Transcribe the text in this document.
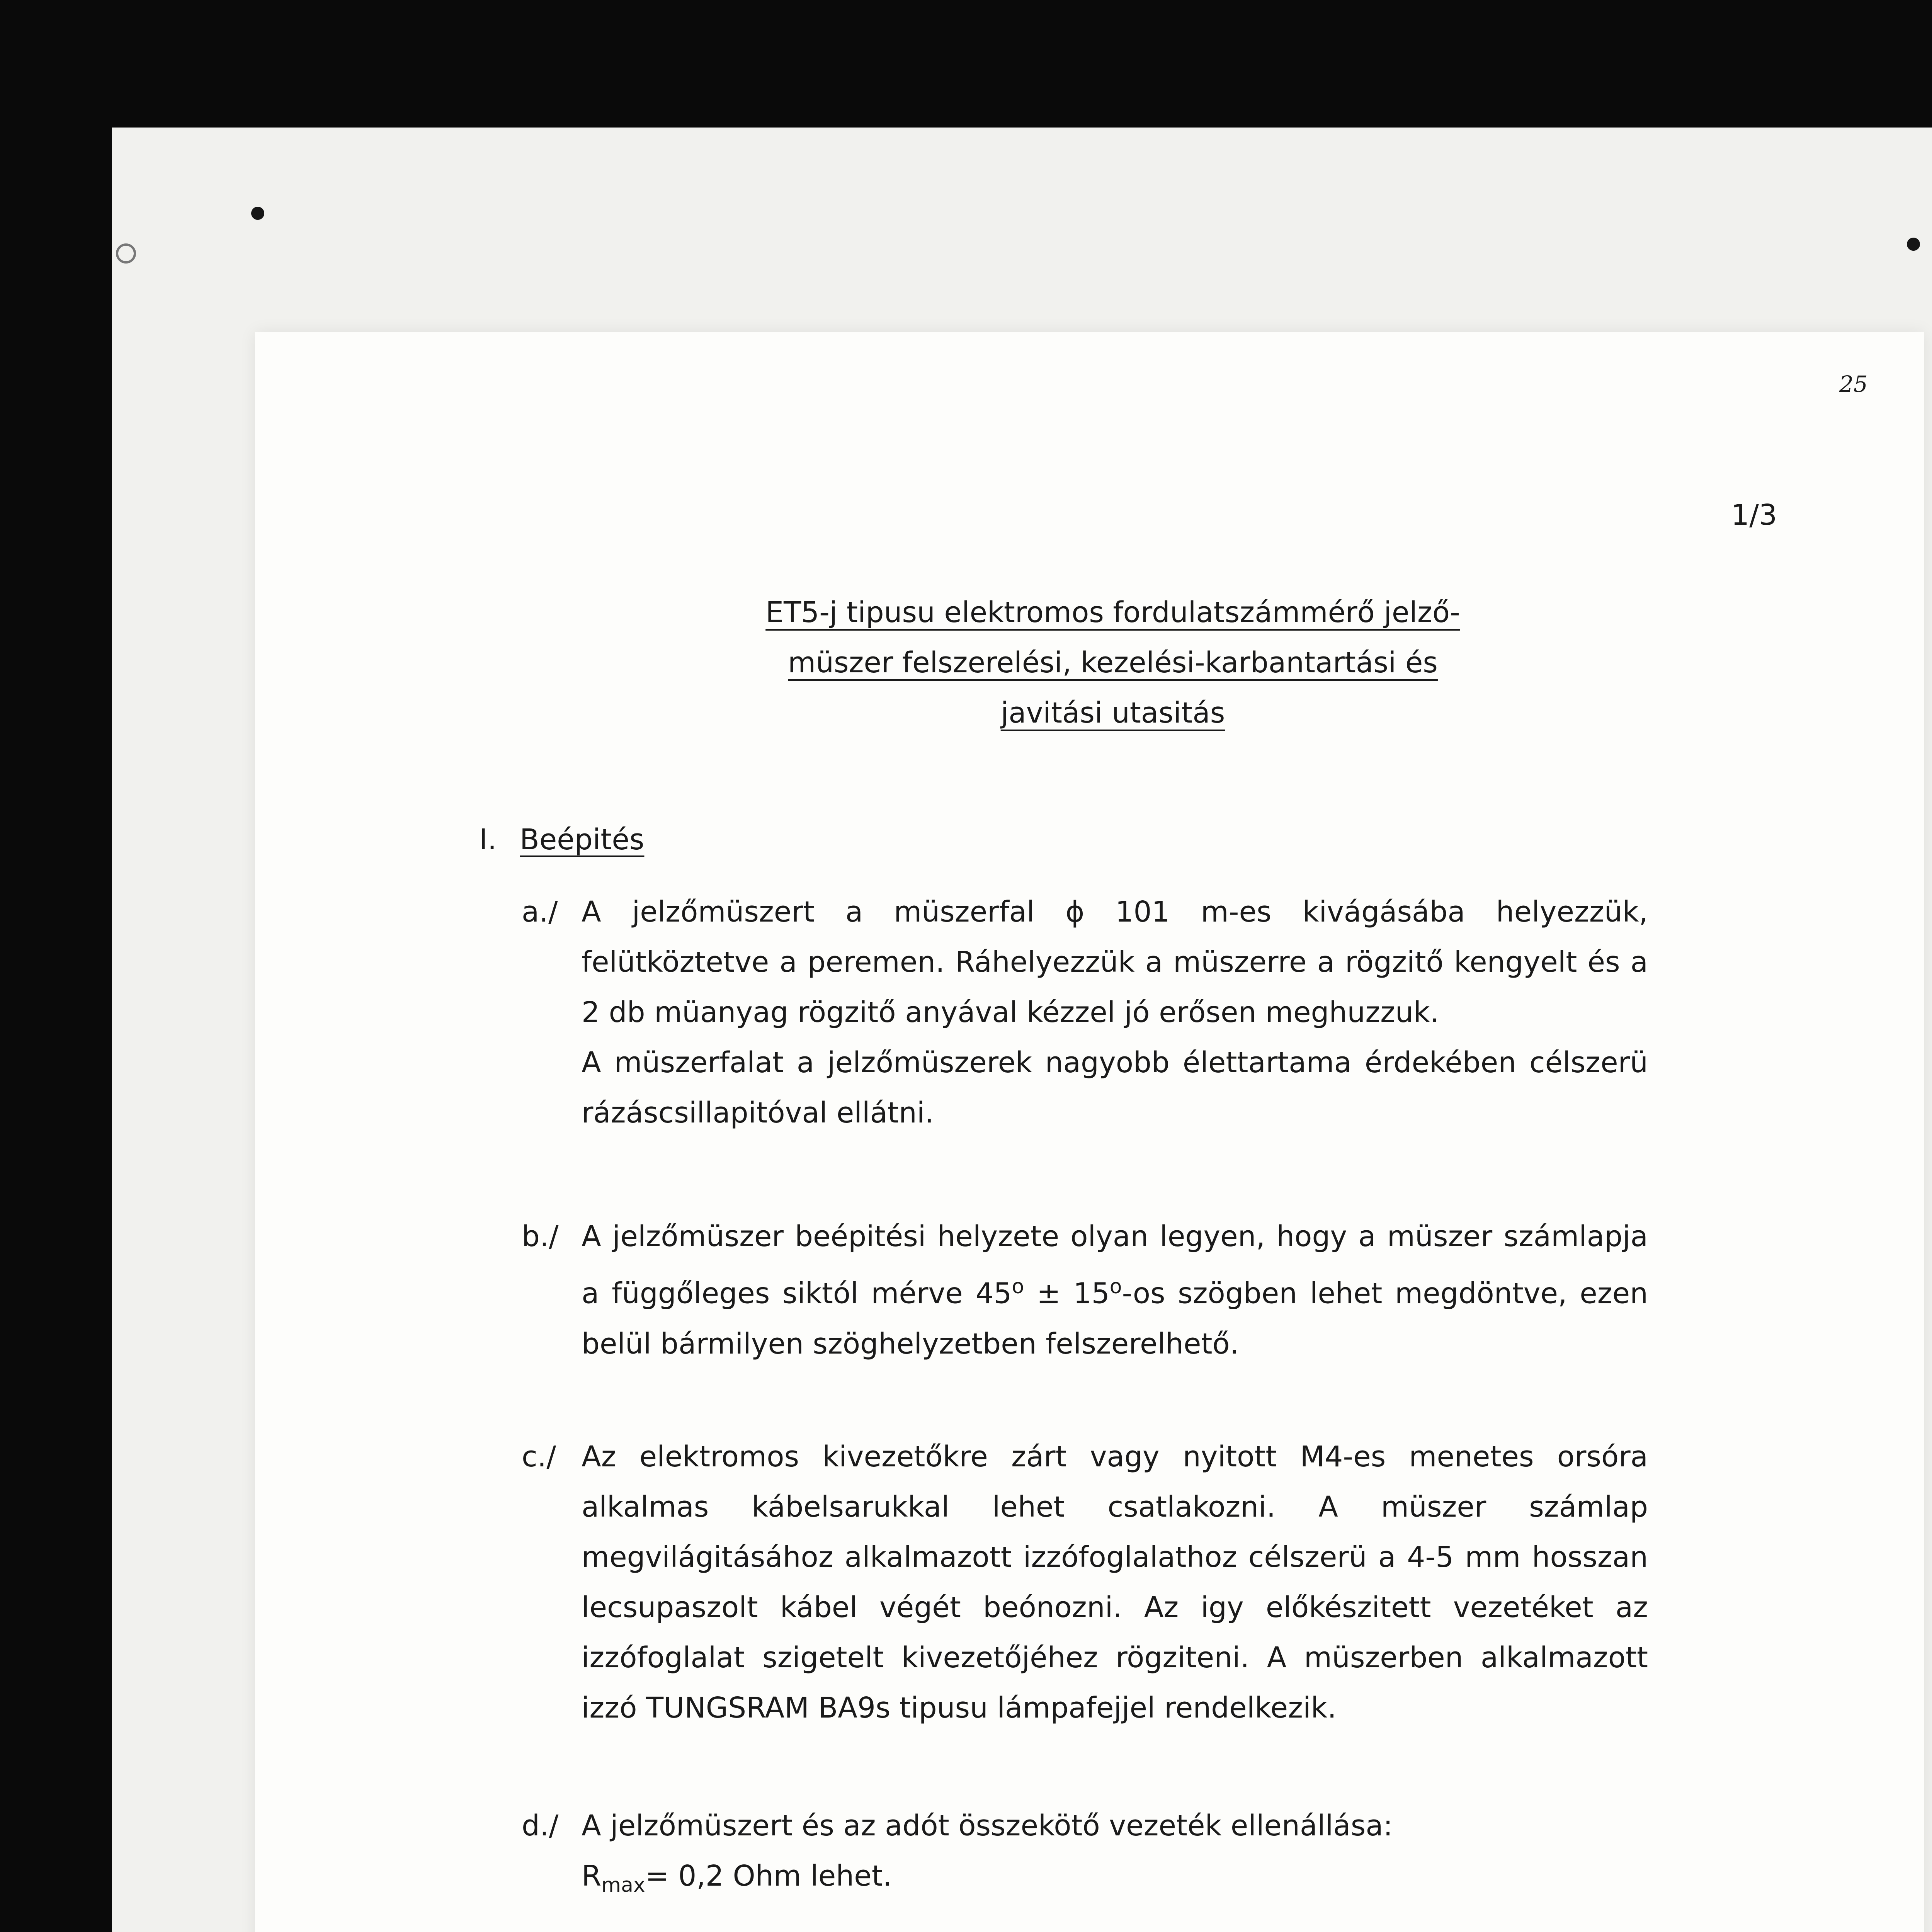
25
1/3
ET5-j tipusu elektromos fordulatszámmérő jelző-
müszer felszerelési, kezelési-karbantartási és
javitási utasitás
I. Beépités
a./ A jelzőmüszert a müszerfal ϕ 101 m-es kivágásába helyezzük, felütköztetve a peremen. Ráhelyezzük a müszerre a rögzitő kengyelt és a 2 db müanyag rögzitő anyával kézzel jó erősen meghuzzuk.

A müszerfalat a jelzőmüszerek nagyobb élettartama érdekében célszerü rázáscsillapitóval ellátni.

b./ A jelzőmüszer beépitési helyzete olyan legyen, hogy a müszer számlapja a függőleges siktól mérve $45^o \pm 15^o-os$ szögben lehet megdöntve, ezen belül bármilyen szöghelyzetben felszerelhető.

c./ Az elektromos kivezetőkre zárt vagy nyitott M4-es menetes orsóra alkalmas kábelsarukkal lehet csatlakozni. A müszer számlap megvilágitásához alkalmazott izzófoglalathoz célszerü a 4-5 mm hosszan lecsupaszolt kábel végét beónozni. Az igy előkészitett vezetéket az izzófoglalat szigetelt kivezetőjéhez rögziteni. A müszerben alkalmazott izzó TUNGSRAM BA9s tipusu lámpafejjel rendelkezik.

d./ A jelzőmüszert és az adót összekötő vezeték ellenállása:

$R_{max}= 0,2$ Ohm lehet.
